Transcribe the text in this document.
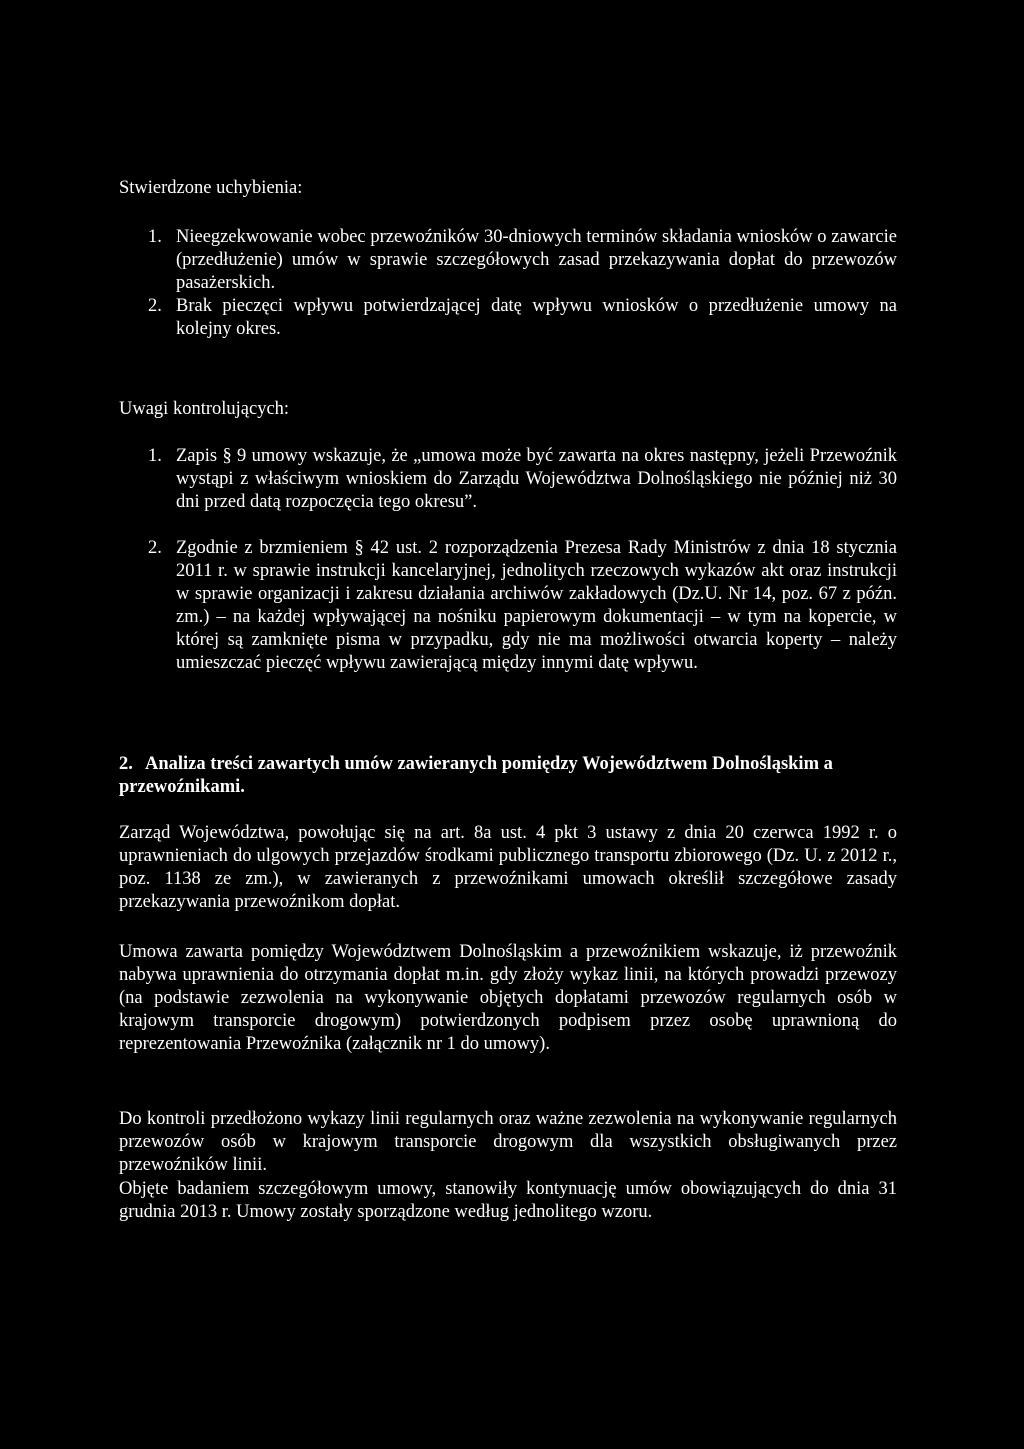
Stwierdzone uchybienia:

1. Nieegzekwowanie wobec przewoźników 30-dniowych terminów składania wniosków o zawarcie (przedłużenie) umów w sprawie szczegółowych zasad przekazywania dopłat do przewozów pasażerskich.
2. Brak pieczęci wpływu potwierdzającej datę wpływu wniosków o przedłużenie umowy na kolejny okres.

Uwagi kontrolujących:

1. Zapis § 9 umowy wskazuje, że „umowa może być zawarta na okres następny, jeżeli Przewoźnik wystąpi z właściwym wnioskiem do Zarządu Województwa Dolnośląskiego nie później niż 30 dni przed datą rozpoczęcia tego okresu”.
2. Zgodnie z brzmieniem § 42 ust. 2 rozporządzenia Prezesa Rady Ministrów z dnia 18 stycznia 2011 r. w sprawie instrukcji kancelaryjnej, jednolitych rzeczowych wykazów akt oraz instrukcji w sprawie organizacji i zakresu działania archiwów zakładowych (Dz.U. Nr 14, poz. 67 z późn. zm.) – na każdej wpływającej na nośniku papierowym dokumentacji – w tym na kopercie, w której są zamknięte pisma w przypadku, gdy nie ma możliwości otwarcia koperty – należy umieszczać pieczęć wpływu zawierającą między innymi datę wpływu.
2. Analiza treści zawartych umów zawieranych pomiędzy Województwem Dolnośląskim a przewoźnikami.

Zarząd Województwa, powołując się na art. 8a ust. 4 pkt 3 ustawy z dnia 20 czerwca 1992 r. o uprawnieniach do ulgowych przejazdów środkami publicznego transportu zbiorowego (Dz. U. z 2012 r., poz. 1138 ze zm.), w zawieranych z przewoźnikami umowach określił szczegółowe zasady przekazywania przewoźnikom dopłat.

Umowa zawarta pomiędzy Województwem Dolnośląskim a przewoźnikiem wskazuje, iż przewoźnik nabywa uprawnienia do otrzymania dopłat m.in. gdy złoży wykaz linii, na których prowadzi przewozy (na podstawie zezwolenia na wykonywanie objętych dopłatami przewozów regularnych osób w krajowym transporcie drogowym) potwierdzonych podpisem przez osobę uprawnioną do reprezentowania Przewoźnika (załącznik nr 1 do umowy).

Do kontroli przedłożono wykazy linii regularnych oraz ważne zezwolenia na wykonywanie regularnych przewozów osób w krajowym transporcie drogowym dla wszystkich obsługiwanych przez przewoźników linii.

Objęte badaniem szczegółowym umowy, stanowiły kontynuację umów obowiązujących do dnia 31 grudnia 2013 r. Umowy zostały sporządzone według jednolitego wzoru.
